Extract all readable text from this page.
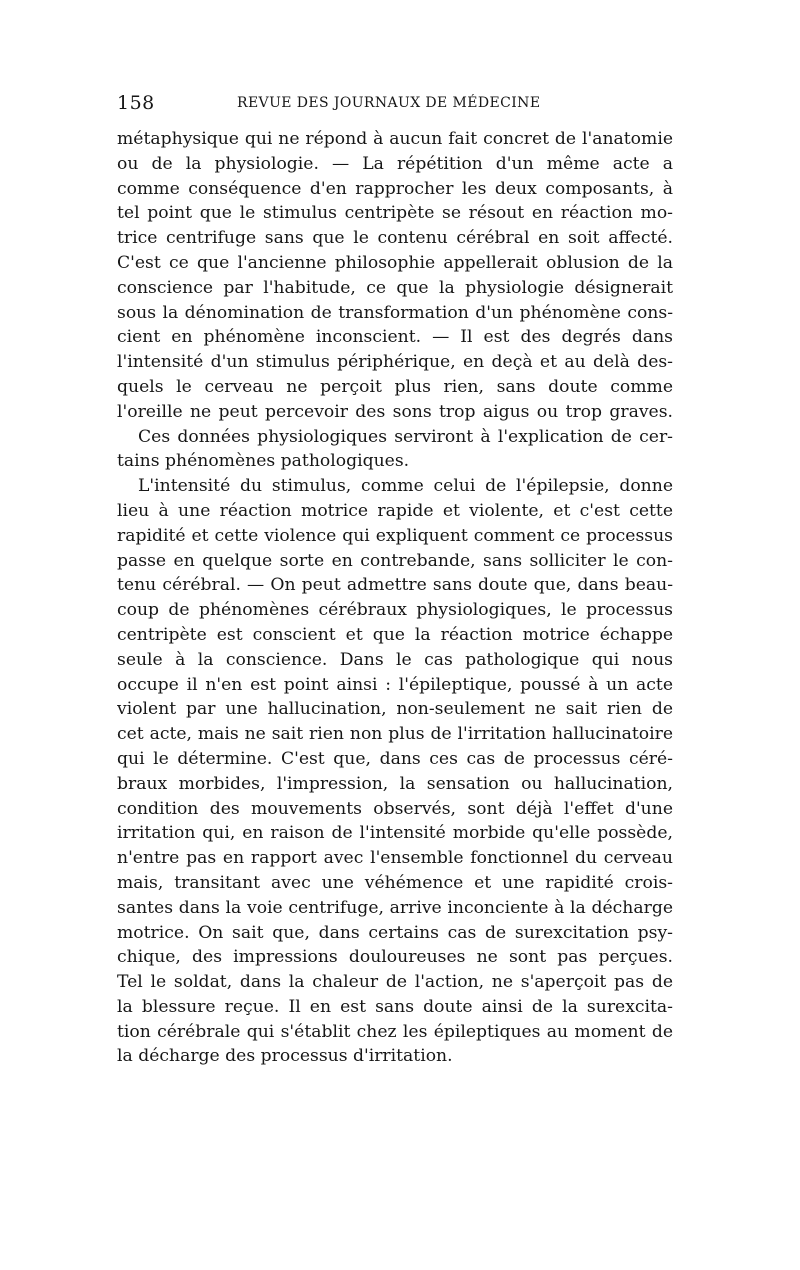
158	REVUE DES JOURNAUX DE MÉDECINE
métaphysique qui ne répond à aucun fait concret de l'anatomie
ou de la physiologie. — La répétition d'un même acte a
comme conséquence d'en rapprocher les deux composants, à
tel point que le stimulus centripète se résout en réaction mo-
trice centrifuge sans que le contenu cérébral en soit affecté.
C'est ce que l'ancienne philosophie appellerait oblusion de la
conscience par l'habitude, ce que la physiologie désignerait
sous la dénomination de transformation d'un phénomène cons-
cient en phénomène inconscient. — Il est des degrés dans
l'intensité d'un stimulus périphérique, en deçà et au delà des-
quels le cerveau ne perçoit plus rien, sans doute comme
l'oreille ne peut percevoir des sons trop aigus ou trop graves.
Ces données physiologiques serviront à l'explication de cer-
tains phénomènes pathologiques.
L'intensité du stimulus, comme celui de l'épilepsie, donne
lieu à une réaction motrice rapide et violente, et c'est cette
rapidité et cette violence qui expliquent comment ce processus
passe en quelque sorte en contrebande, sans solliciter le con-
tenu cérébral. — On peut admettre sans doute que, dans beau-
coup de phénomènes cérébraux physiologiques, le processus
centripète est conscient et que la réaction motrice échappe
seule à la conscience. Dans le cas pathologique qui nous
occupe il n'en est point ainsi : l'épileptique, poussé à un acte
violent par une hallucination, non-seulement ne sait rien de
cet acte, mais ne sait rien non plus de l'irritation hallucinatoire
qui le détermine. C'est que, dans ces cas de processus céré-
braux morbides, l'impression, la sensation ou hallucination,
condition des mouvements observés, sont déjà l'effet d'une
irritation qui, en raison de l'intensité morbide qu'elle possède,
n'entre pas en rapport avec l'ensemble fonctionnel du cerveau
mais, transitant avec une véhémence et une rapidité crois-
santes dans la voie centrifuge, arrive inconciente à la décharge
motrice. On sait que, dans certains cas de surexcitation psy-
chique, des impressions douloureuses ne sont pas perçues.
Tel le soldat, dans la chaleur de l'action, ne s'aperçoit pas de
la blessure reçue. Il en est sans doute ainsi de la surexcita-
tion cérébrale qui s'établit chez les épileptiques au moment de
la décharge des processus d'irritation.
